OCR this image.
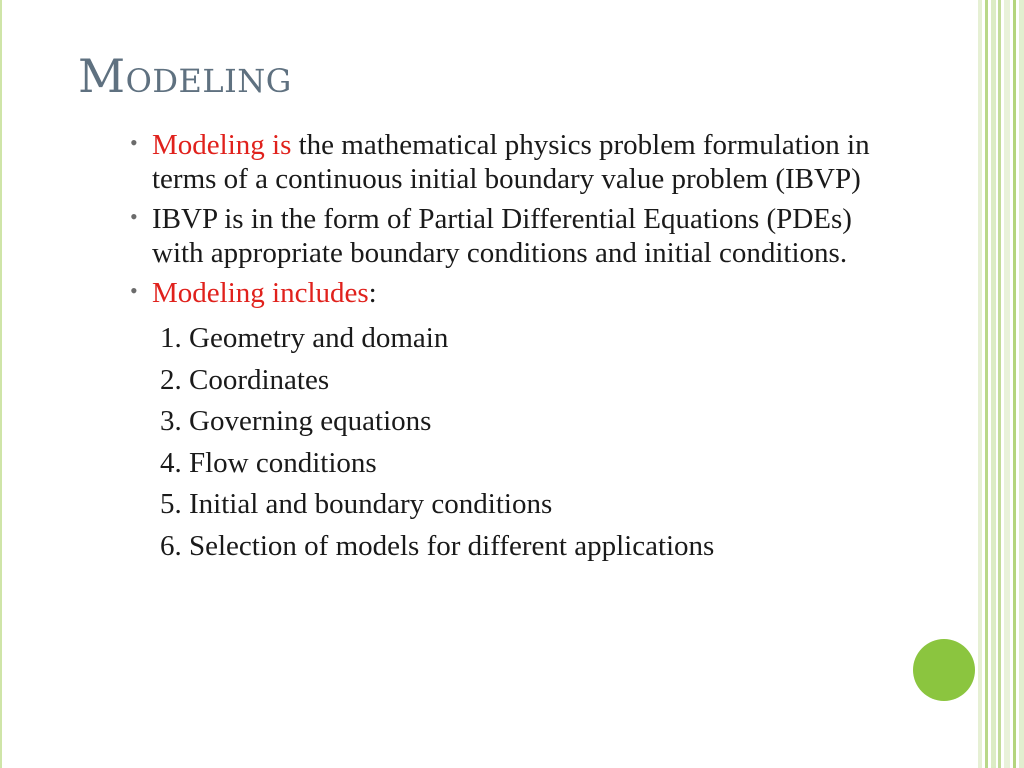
Modeling
• Modeling is the mathematical physics problem formulation in terms of a continuous initial boundary value problem (IBVP)
• IBVP is in the form of Partial Differential Equations (PDEs) with appropriate boundary conditions and initial conditions.
• Modeling includes:
1. Geometry and domain
2. Coordinates
3. Governing equations
4. Flow conditions
5. Initial and boundary conditions
6. Selection of models for different applications
